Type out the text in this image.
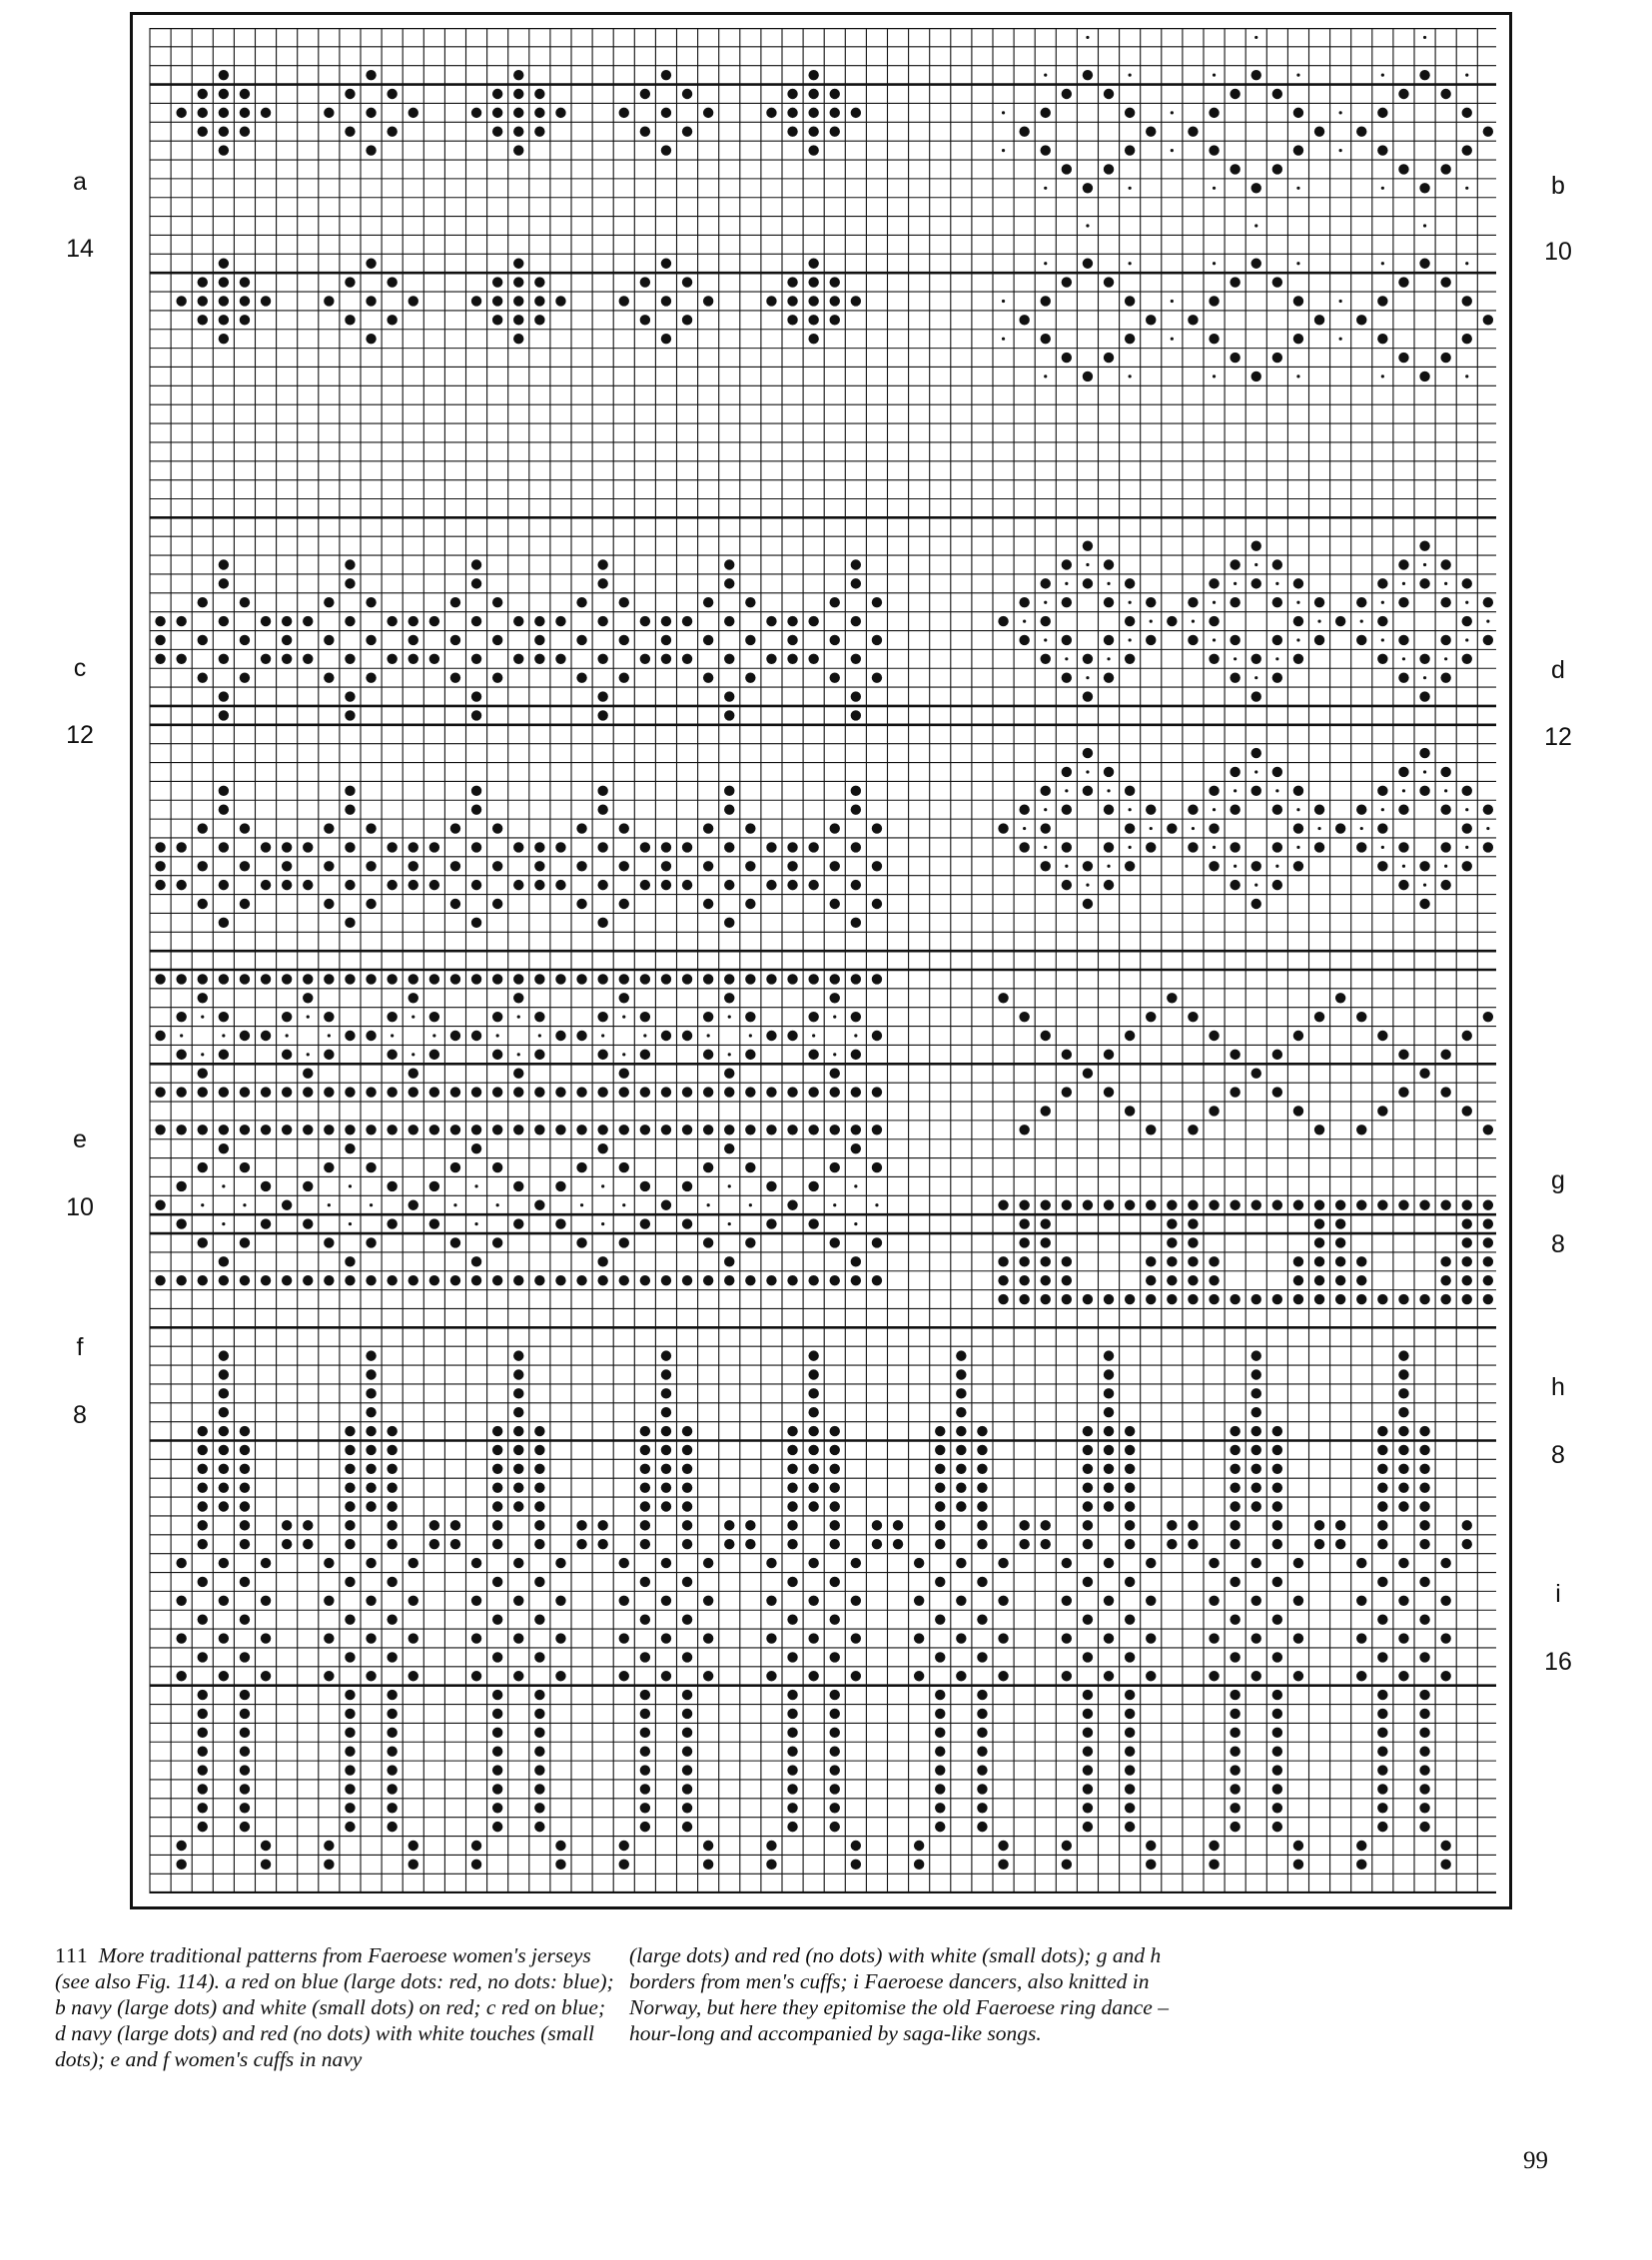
a
14
b
10
c
12
d
12
e
10
g
8
f
8
h
8
i
16
111 More traditional patterns from Faeroese women's jerseys (see also Fig. 114). a red on blue (large dots: red, no dots: blue); b navy (large dots) and white (small dots) on red; c red on blue; d navy (large dots) and red (no dots) with white touches (small dots); e and f women's cuffs in navy
(large dots) and red (no dots) with white (small dots); g and h borders from men's cuffs; i Faeroese dancers, also knitted in Norway, but here they epitomise the old Faeroese ring dance – hour-long and accompanied by saga-like songs.
99
